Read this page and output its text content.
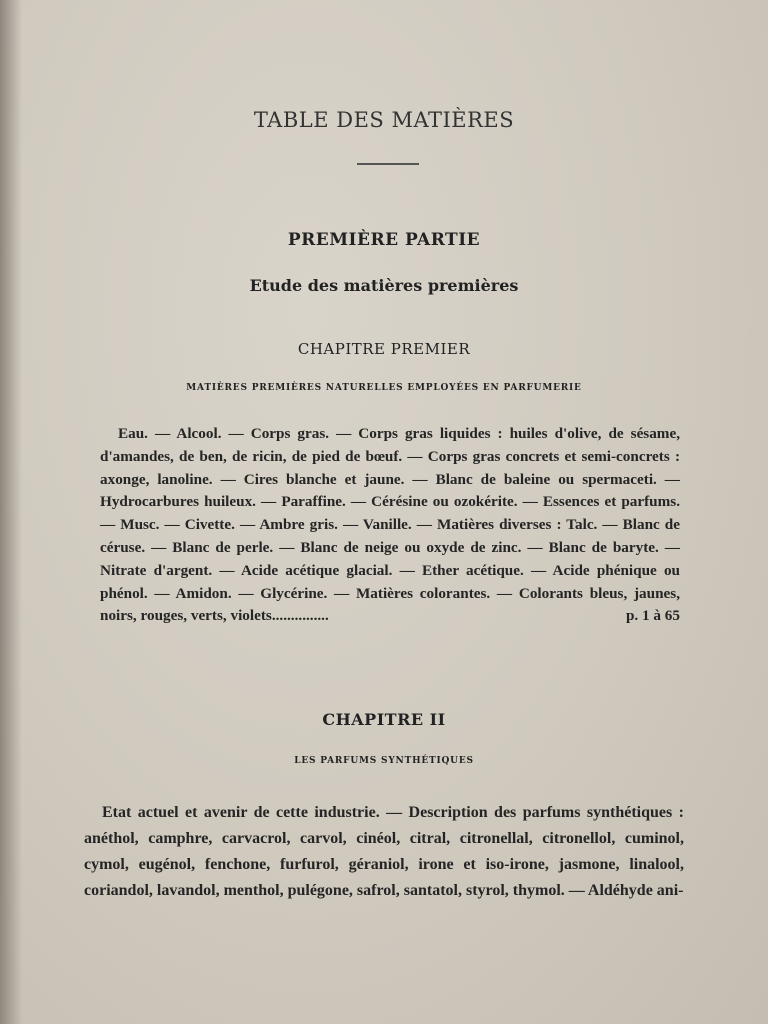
TABLE DES MATIÈRES
PREMIÈRE PARTIE
Etude des matières premières
CHAPITRE PREMIER
MATIÈRES PREMIÈRES NATURELLES EMPLOYÉES EN PARFUMERIE
Eau. — Alcool. — Corps gras. — Corps gras liquides : huiles d'olive, de sésame, d'amandes, de ben, de ricin, de pied de bœuf. — Corps gras concrets et semi-concrets : axonge, lanoline. — Cires blanche et jaune. — Blanc de baleine ou spermaceti. — Hydrocarbures huileux. — Paraffine. — Cérésine ou ozokérite. — Essences et parfums. — Musc. — Civette. — Ambre gris. — Vanille. — Matières diverses : Talc. — Blanc de céruse. — Blanc de perle. — Blanc de neige ou oxyde de zinc. — Blanc de baryte. — Nitrate d'argent. — Acide acétique glacial. — Ether acétique. — Acide phénique ou phénol. — Amidon. — Glycérine. — Matières colorantes. — Colorants bleus, jaunes, noirs, rouges, verts, violets...............	p. 1 à 65
CHAPITRE II
LES PARFUMS SYNTHÉTIQUES
Etat actuel et avenir de cette industrie. — Description des parfums synthétiques : anéthol, camphre, carvacrol, carvol, cinéol, citral, citronellal, citronellol, cuminol, cymol, eugénol, fenchone, furfurol, géraniol, irone et iso-irone, jasmone, linalool, coriandol, lavandol, menthol, pulégone, safrol, santatol, styrol, thymol. — Aldéhyde ani-
